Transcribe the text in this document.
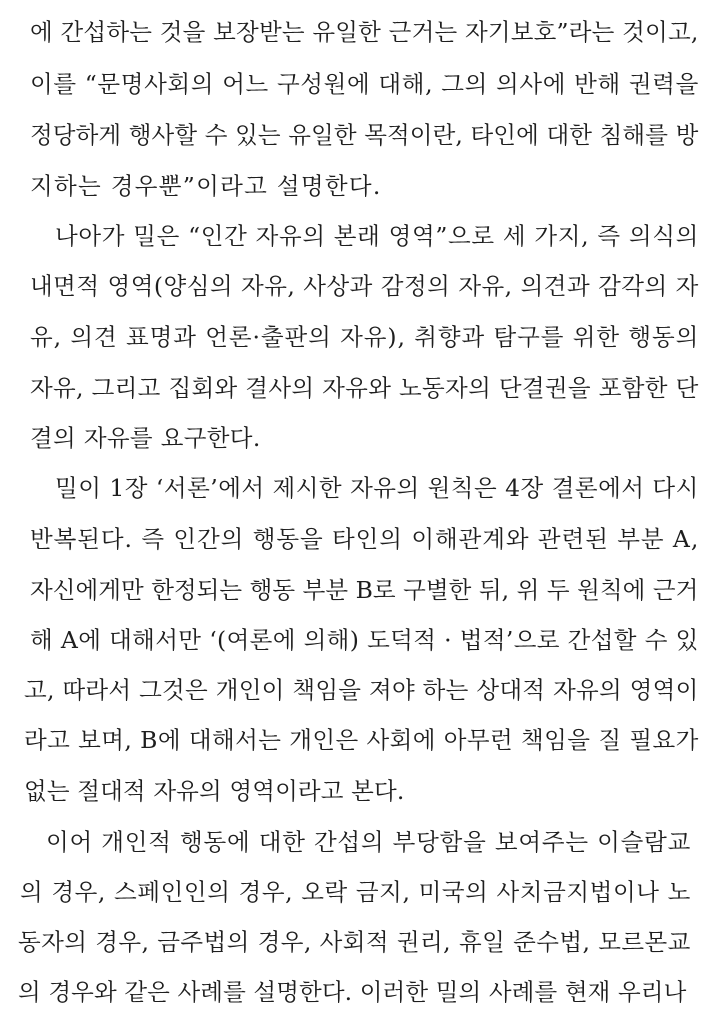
에 간섭하는 것을 보장받는 유일한 근거는 자기보호”라는 것이고,
이를 “문명사회의 어느 구성원에 대해, 그의 의사에 반해 권력을
정당하게 행사할 수 있는 유일한 목적이란, 타인에 대한 침해를 방
지하는 경우뿐”이라고 설명한다.
나아가 밀은 “인간 자유의 본래 영역”으로 세 가지, 즉 의식의
내면적 영역(양심의 자유, 사상과 감정의 자유, 의견과 감각의 자
유, 의견 표명과 언론·출판의 자유), 취향과 탐구를 위한 행동의
자유, 그리고 집회와 결사의 자유와 노동자의 단결권을 포함한 단
결의 자유를 요구한다.
밀이 1장 ‘서론’에서 제시한 자유의 원칙은 4장 결론에서 다시
반복된다. 즉 인간의 행동을 타인의 이해관계와 관련된 부분 A,
자신에게만 한정되는 행동 부분 B로 구별한 뒤, 위 두 원칙에 근거
해 A에 대해서만 ‘(여론에 의해) 도덕적 · 법적’으로 간섭할 수 있
고, 따라서 그것은 개인이 책임을 져야 하는 상대적 자유의 영역이
라고 보며, B에 대해서는 개인은 사회에 아무런 책임을 질 필요가
없는 절대적 자유의 영역이라고 본다.
이어 개인적 행동에 대한 간섭의 부당함을 보여주는 이슬람교
의 경우, 스페인인의 경우, 오락 금지, 미국의 사치금지법이나 노
동자의 경우, 금주법의 경우, 사회적 권리, 휴일 준수법, 모르몬교
의 경우와 같은 사례를 설명한다. 이러한 밀의 사례를 현재 우리나
